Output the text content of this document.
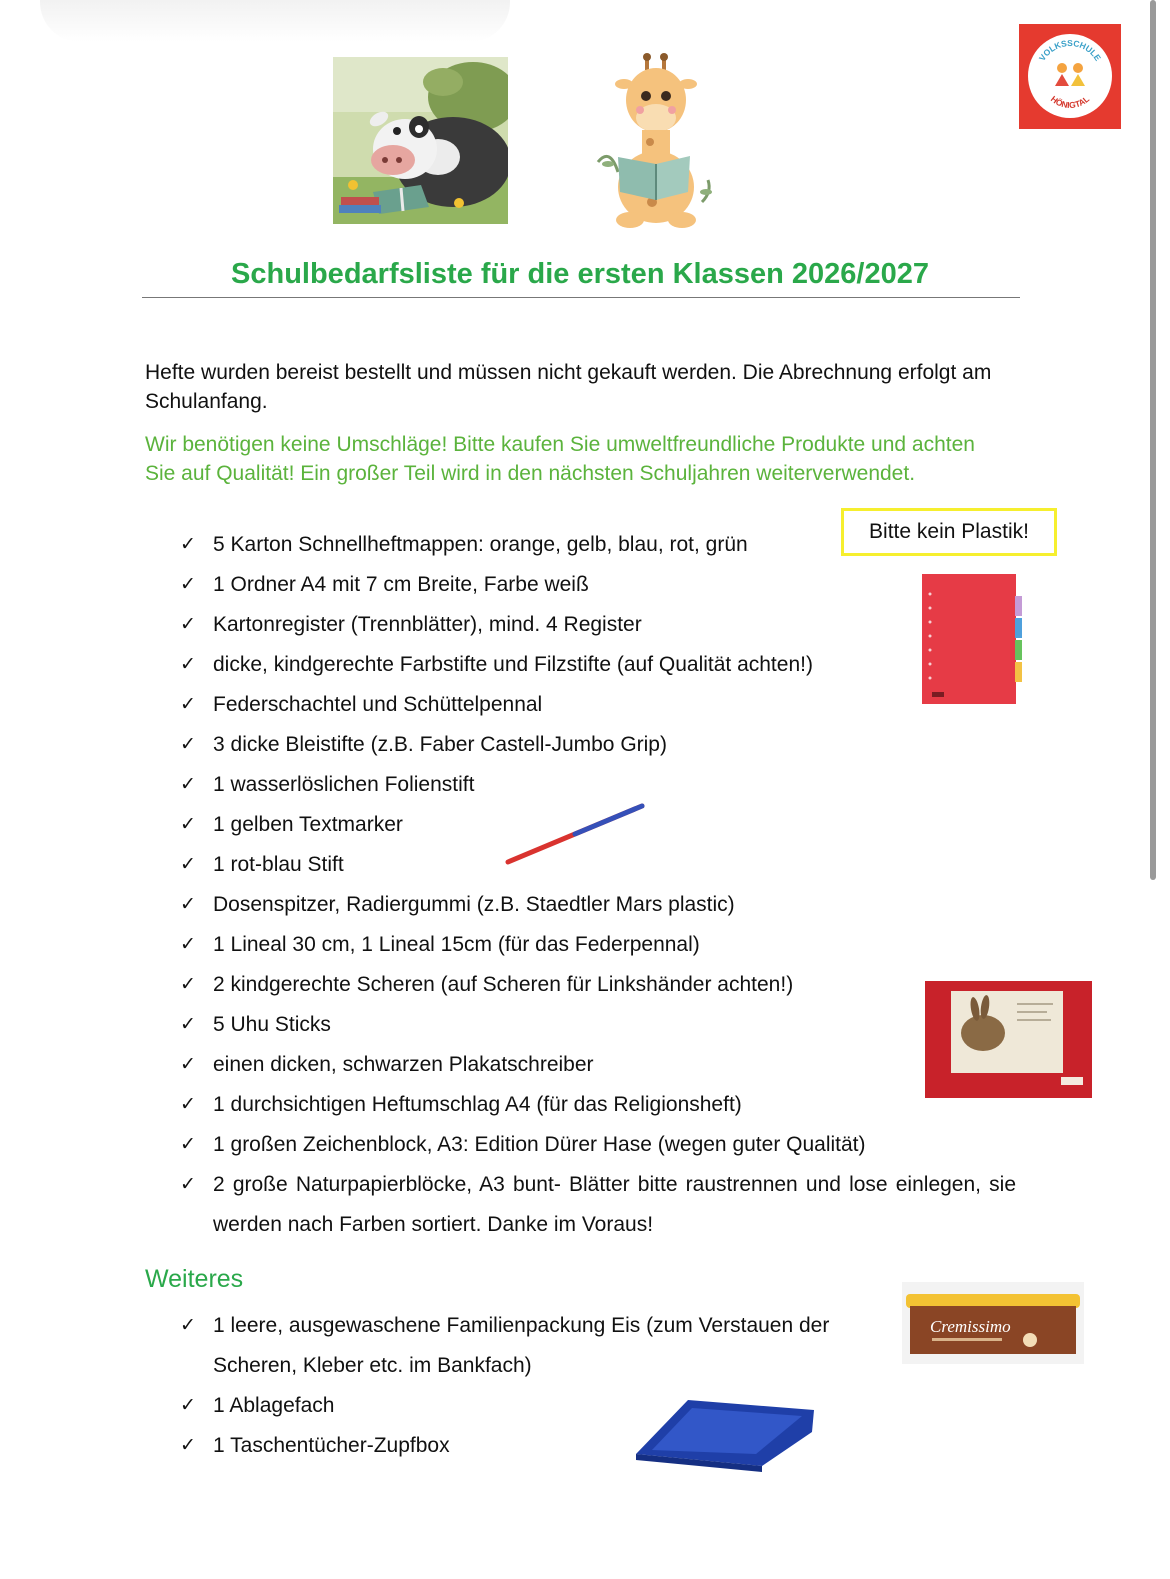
VOLKSSCHULE
HÖNIGTAL
Schulbedarfsliste für die ersten Klassen 2026/2027
Hefte wurden bereist bestellt und müssen nicht gekauft werden. Die Abrechnung erfolgt am Schulanfang.
Wir benötigen keine Umschläge! Bitte kaufen Sie umweltfreundliche Produkte und achten Sie auf Qualität! Ein großer Teil wird in den nächsten Schuljahren weiterverwendet.
Bitte kein Plastik!
✓ 5 Karton Schnellheftmappen: orange, gelb, blau, rot, grün
✓ 1 Ordner A4 mit 7 cm Breite, Farbe weiß
✓ Kartonregister (Trennblätter), mind. 4 Register
✓ dicke, kindgerechte Farbstifte und Filzstifte (auf Qualität achten!)
✓ Federschachtel und Schüttelpennal
✓ 3 dicke Bleistifte (z.B. Faber Castell-Jumbo Grip)
✓ 1 wasserlöslichen Folienstift
✓ 1 gelben Textmarker
✓ 1 rot-blau Stift
✓ Dosenspitzer, Radiergummi (z.B. Staedtler Mars plastic)
✓ 1 Lineal 30 cm, 1 Lineal 15cm (für das Federpennal)
✓ 2 kindgerechte Scheren (auf Scheren für Linkshänder achten!)
✓ 5 Uhu Sticks
✓ einen dicken, schwarzen Plakatschreiber
✓ 1 durchsichtigen Heftumschlag A4 (für das Religionsheft)
✓ 1 großen Zeichenblock, A3: Edition Dürer Hase (wegen guter Qualität)
✓ 2 große Naturpapierblöcke, A3 bunt- Blätter bitte raustrennen und lose einlegen, sie werden nach Farben sortiert. Danke im Voraus!
Weiteres
✓ 1 leere, ausgewaschene Familienpackung Eis (zum Verstauen der Scheren, Kleber etc. im Bankfach)
✓ 1 Ablagefach
✓ 1 Taschentücher-Zupfbox
Cremissimo
